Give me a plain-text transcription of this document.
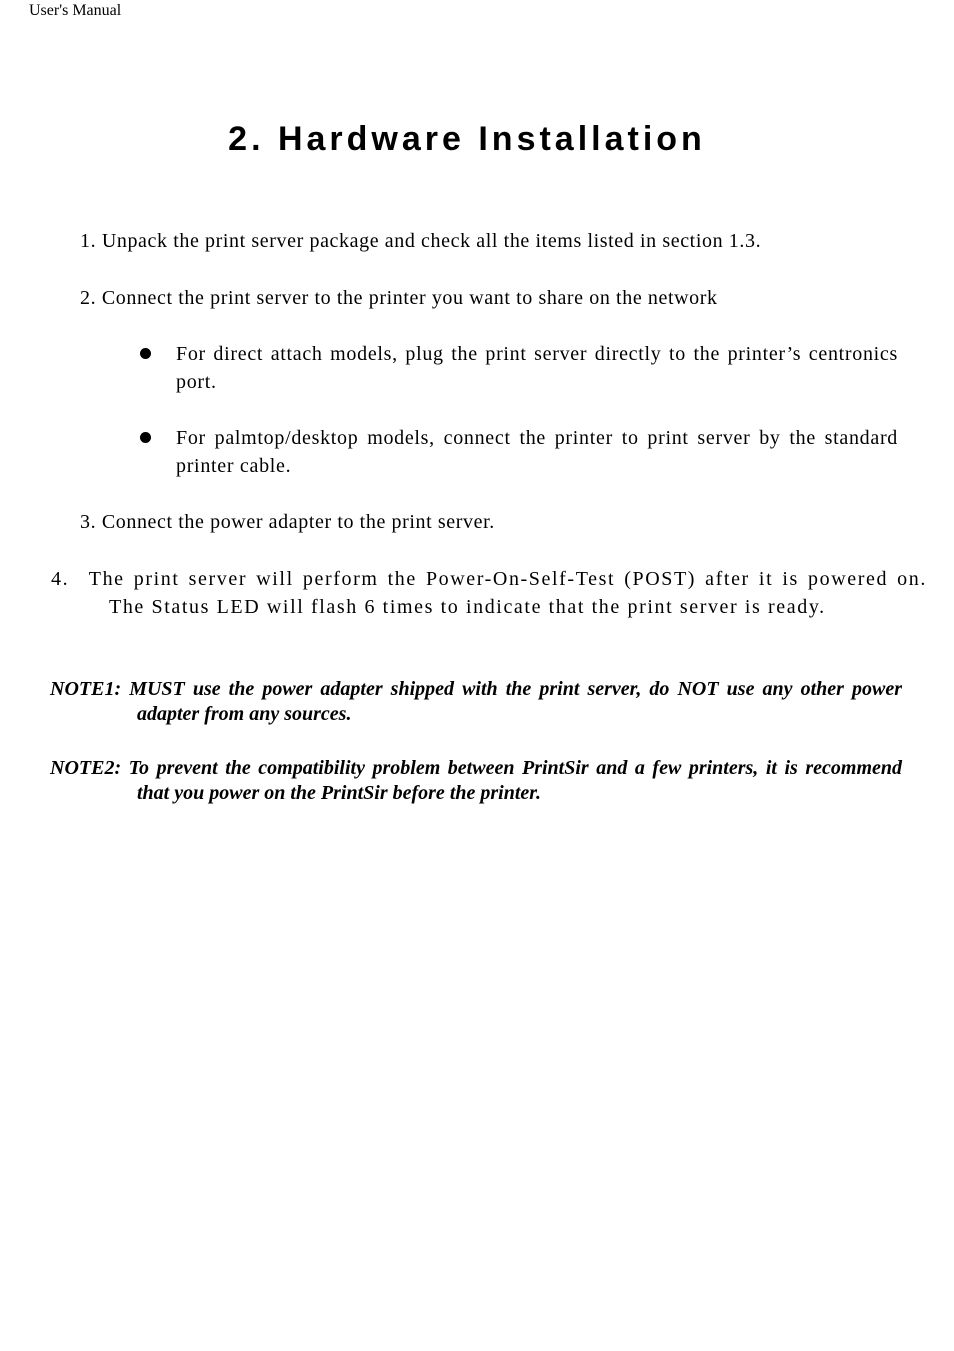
User's Manual
2. Hardware Installation
1. Unpack the print server package and check all the items listed in section 1.3.
2. Connect the print server to the printer you want to share on the network
For direct attach models, plug the print server directly to the printer’s centronics port.
For palmtop/desktop models, connect the printer to print server by the standard printer cable.
3. Connect the power adapter to the print server.
4. The print server will perform the Power-On-Self-Test (POST) after it is powered on. The Status LED will flash 6 times to indicate that the print server is ready.
NOTE1: MUST use the power adapter shipped with the print server, do NOT use any other power adapter from any sources.
NOTE2: To prevent the compatibility problem between PrintSir and a few printers, it is recommend that you power on the PrintSir before the printer.
